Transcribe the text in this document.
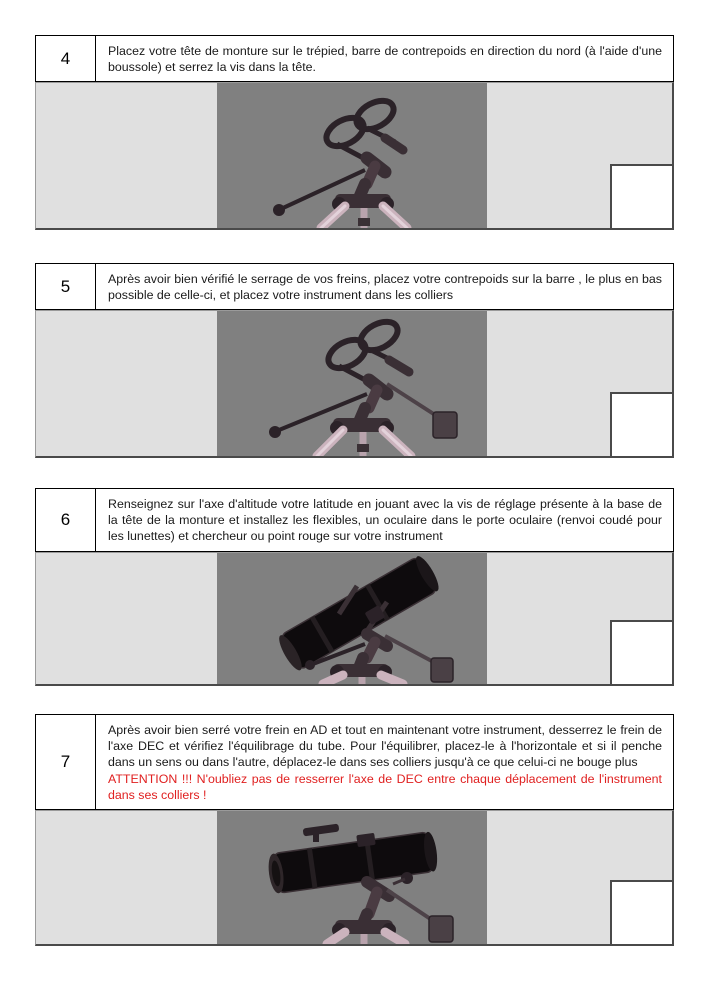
4	Placez votre tête de monture sur le trépied, barre de contrepoids en direction du nord (à l'aide d'une boussole) et serrez la vis dans la tête.

5	Après avoir bien vérifié le serrage de vos freins, placez votre contrepoids sur la barre , le plus en bas possible de celle-ci, et placez votre instrument dans les colliers

6

Renseignez sur l'axe d'altitude votre latitude en jouant avec la vis de réglage présente à la base de la tête de la monture et installez les flexibles, un oculaire dans le porte oculaire (renvoi coudé pour les lunettes) et chercheur ou point rouge sur votre instrument

7

Après avoir bien serré votre frein en AD et tout en maintenant votre instrument, desserrez le frein de l'axe DEC et vérifiez l'équilibrage du tube. Pour l'équilibrer, placez-le à l'horizontale et si il penche dans un sens ou dans l'autre, déplacez-le dans ses colliers jusqu'à ce que celui-ci ne bouge plus

ATTENTION !!! N'oubliez pas de resserrer l'axe de DEC entre chaque déplacement de l'instrument dans ses colliers !
